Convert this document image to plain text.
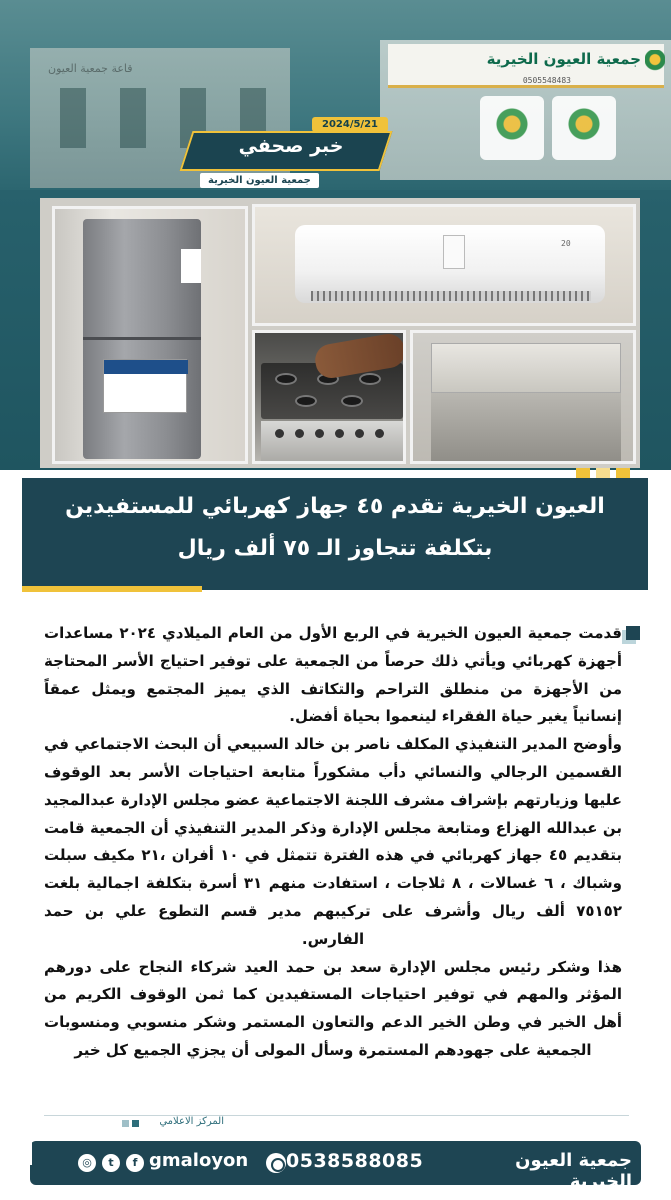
قاعة جمعية العيون
جمعية العيون الخيرية
0505548483
2024/5/21
خبر صحفي
جمعية العيون الخيرية
20
العيون الخيرية تقدم ٤٥ جهاز كهربائي للمستفيدين
بتكلفة تتجاوز الـ ٧٥ ألف ريال

قدمت جمعية العيون الخيرية في الربع الأول من العام الميلادي ٢٠٢٤ مساعدات أجهزة كهربائي ويأتي ذلك حرصاً من الجمعية على توفير احتياج الأسر المحتاجة من الأجهزة من منطلق التراحم والتكاتف الذي يميز المجتمع ويمثل عمقاً إنسانياً يغير حياة الفقراء لينعموا بحياة أفضل.

وأوضح المدير التنفيذي المكلف ناصر بن خالد السبيعي أن البحث الاجتماعي في القسمين الرجالي والنسائي دأب مشكوراً متابعة احتياجات الأسر بعد الوقوف عليها وزيارتهم بإشراف مشرف اللجنة الاجتماعية عضو مجلس الإدارة عبدالمجيد بن عبدالله الهزاع ومتابعة مجلس الإدارة وذكر المدير التنفيذي أن الجمعية قامت بتقديم ٤٥ جهاز كهربائي في هذه الفترة تتمثل في ١٠ أفران ،٢١ مكيف سبلت وشباك ، ٦ غسالات ، ٨ ثلاجات ، استفادت منهم ٣١ أسرة بتكلفة اجمالية بلغت ٧٥١٥٢ ألف ريال وأشرف على تركيبهم مدير قسم التطوع علي بن حمد الفارس.

هذا وشكر رئيس مجلس الإدارة سعد بن حمد العيد شركاء النجاح على دورهم المؤثر والمهم في توفير احتياجات المستفيدين كما ثمن الوقوف الكريم من أهل الخير في وطن الخير الدعم والتعاون المستمر وشكر منسوبي ومنسوبات الجمعية على جهودهم المستمرة وسأل المولى أن يجزي الجميع كل خير

المركز الاعلامي
جمعية العيون الخيرية
0538588085
gmaloyon
f
t
◎
